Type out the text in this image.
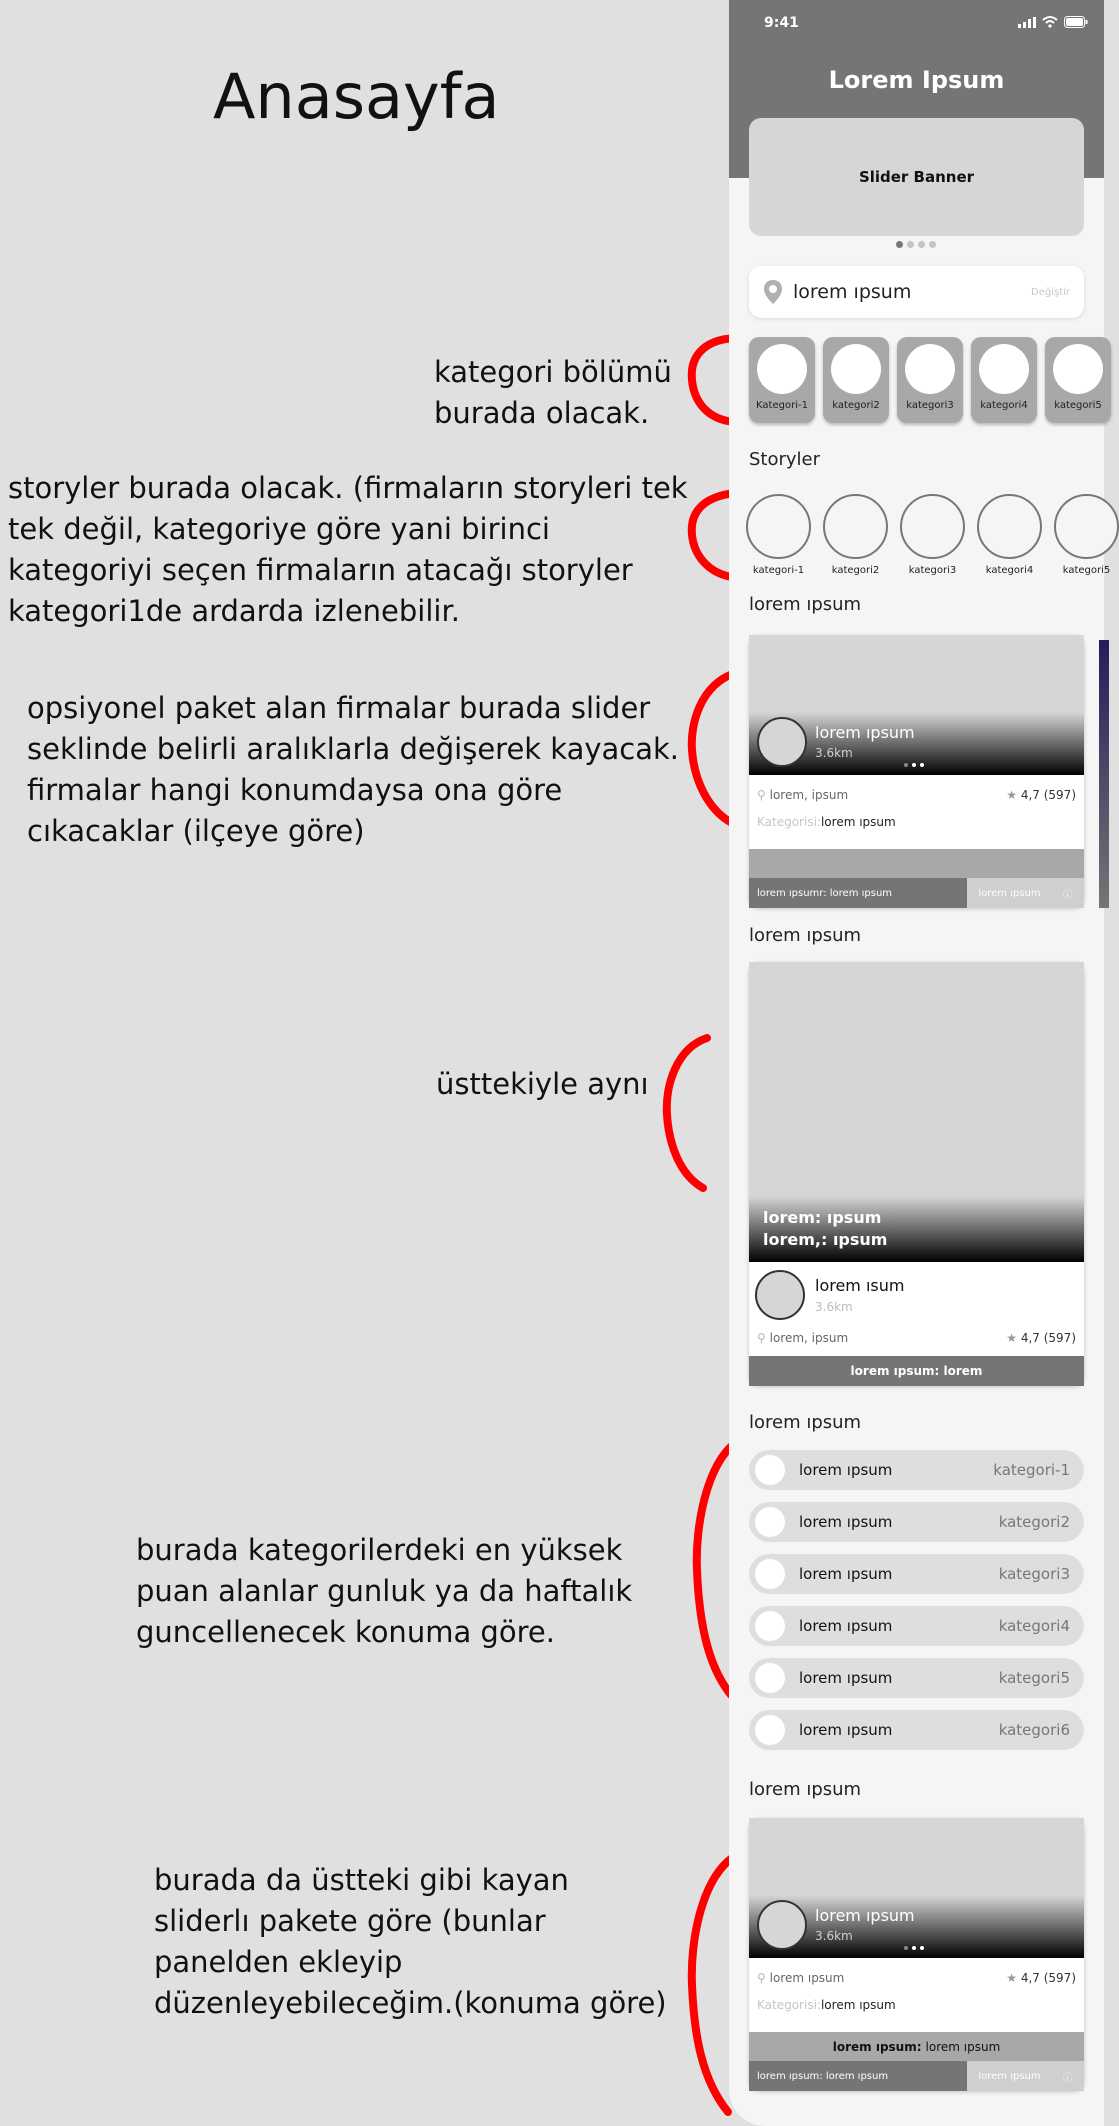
Anasayfa
kategori bölümü
burada olacak.
storyler burada olacak. (firmaların storyleri tek
tek değil, kategoriye göre yani birinci
kategoriyi seçen firmaların atacağı storyler
kategori1de ardarda izlenebilir.
opsiyonel paket alan firmalar burada slider
seklinde belirli aralıklarla değişerek kayacak.
firmalar hangi konumdaysa ona göre
cıkacaklar (ilçeye göre)
üsttekiyle aynı
burada kategorilerdeki en yüksek
puan alanlar gunluk ya da haftalık
guncellenecek konuma göre.
burada da üstteki gibi kayan
sliderlı pakete göre (bunlar
panelden ekleyip
düzenleyebileceğim.(konuma göre)
9:41
Lorem Ipsum
Slider Banner
lorem ıpsum	Değiştir
Kategori-1 kategori2	kategori3	kategori4	kategori5
Storyler
kategori-1	kategori2	kategori3	kategori4	kategori5
lorem ıpsum
lorem ıpsum
3.6km
⚲ lorem, ipsum	★ 4,7 (597)
Kategorisi:lorem ıpsum
lorem ıpsumr: lorem ıpsum	lorem ıpsum ⓘ
lorem ıpsum
lorem: ıpsum
lorem,: ıpsum
lorem ısum
3.6km
⚲ lorem, ipsum	★ 4,7 (597)
lorem ıpsum: lorem
lorem ıpsum
lorem ıpsum	kategori-1
lorem ıpsum	kategori2
lorem ıpsum	kategori3
lorem ıpsum	kategori4
lorem ıpsum	kategori5
lorem ıpsum	kategori6
lorem ıpsum
lorem ıpsum
3.6km
⚲ lorem ıpsum	★ 4,7 (597)
Kategorisi:lorem ıpsum
lorem ıpsum: lorem ıpsum
lorem ıpsum: lorem ıpsum	lorem ıpsum ⓘ
